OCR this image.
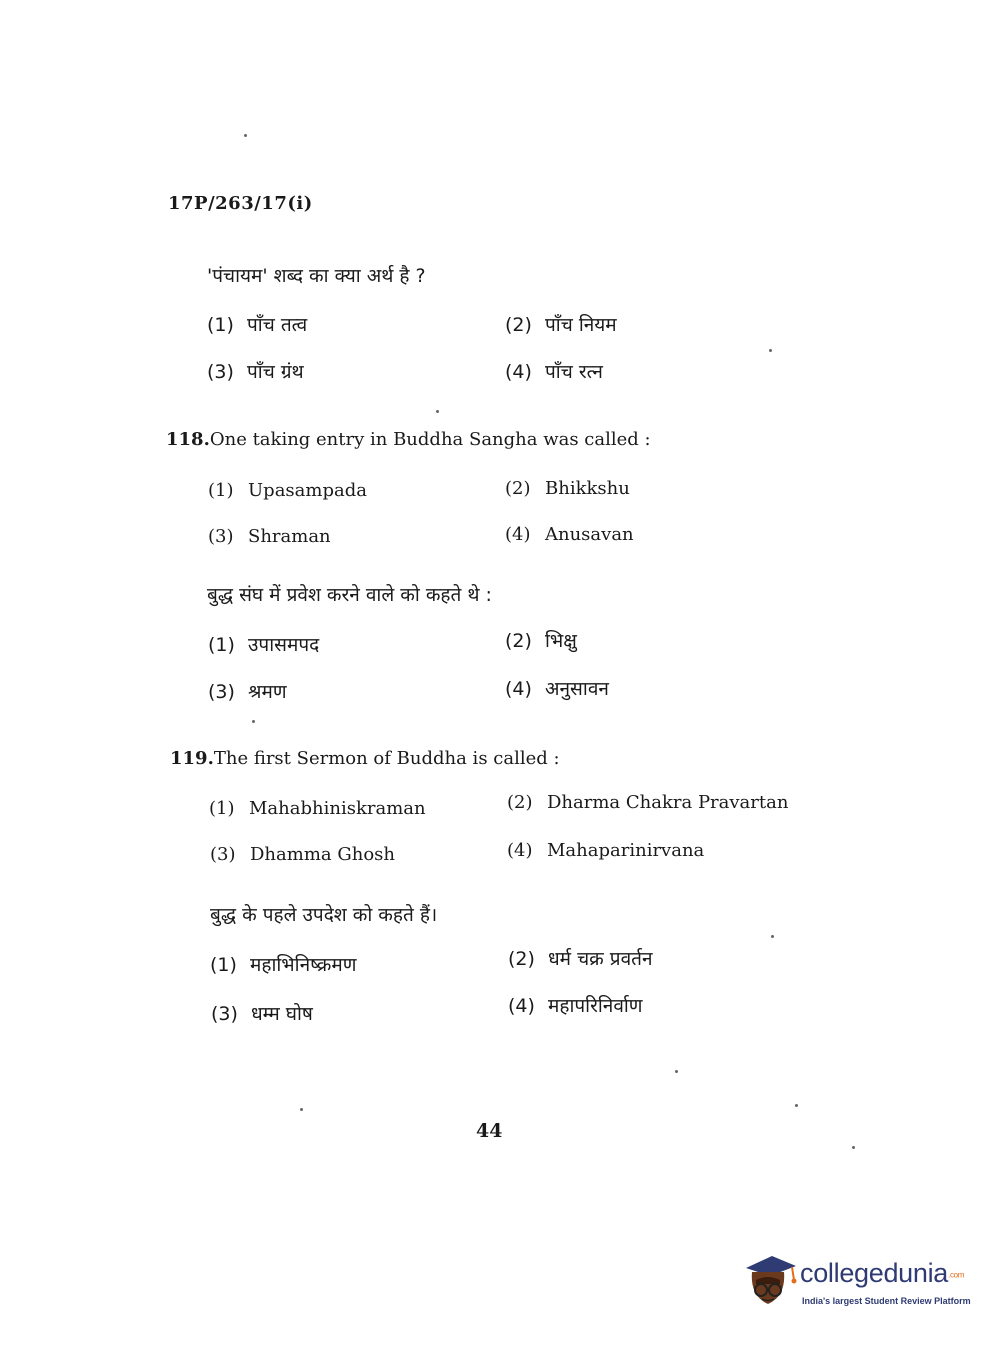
17P/263/17(i)
'पंचायम' शब्द का क्या अर्थ है ?
(1) पाँच तत्व	(2) पाँच नियम
(3) पाँच ग्रंथ	(4) पाँच रत्न
118.One taking entry in Buddha Sangha was called :
(1) Upasampada	(2) Bhikkshu
(3) Shraman	(4) Anusavan
बुद्ध संघ में प्रवेश करने वाले को कहते थे :
(1) उपासमपद	(2) भिक्षु
(3) श्रमण	(4) अनुसावन
119.The first Sermon of Buddha is called :
(1) Mahabhiniskraman	(2) Dharma Chakra Pravartan
(3) Dhamma Ghosh	(4) Mahaparinirvana
बुद्ध के पहले उपदेश को कहते हैं।
(1) महाभिनिष्क्रमण	(2) धर्म चक्र प्रवर्तन
(3) धम्म घोष	(4) महापरिनिर्वाण
44
collegedunia.com
India's largest Student Review Platform
